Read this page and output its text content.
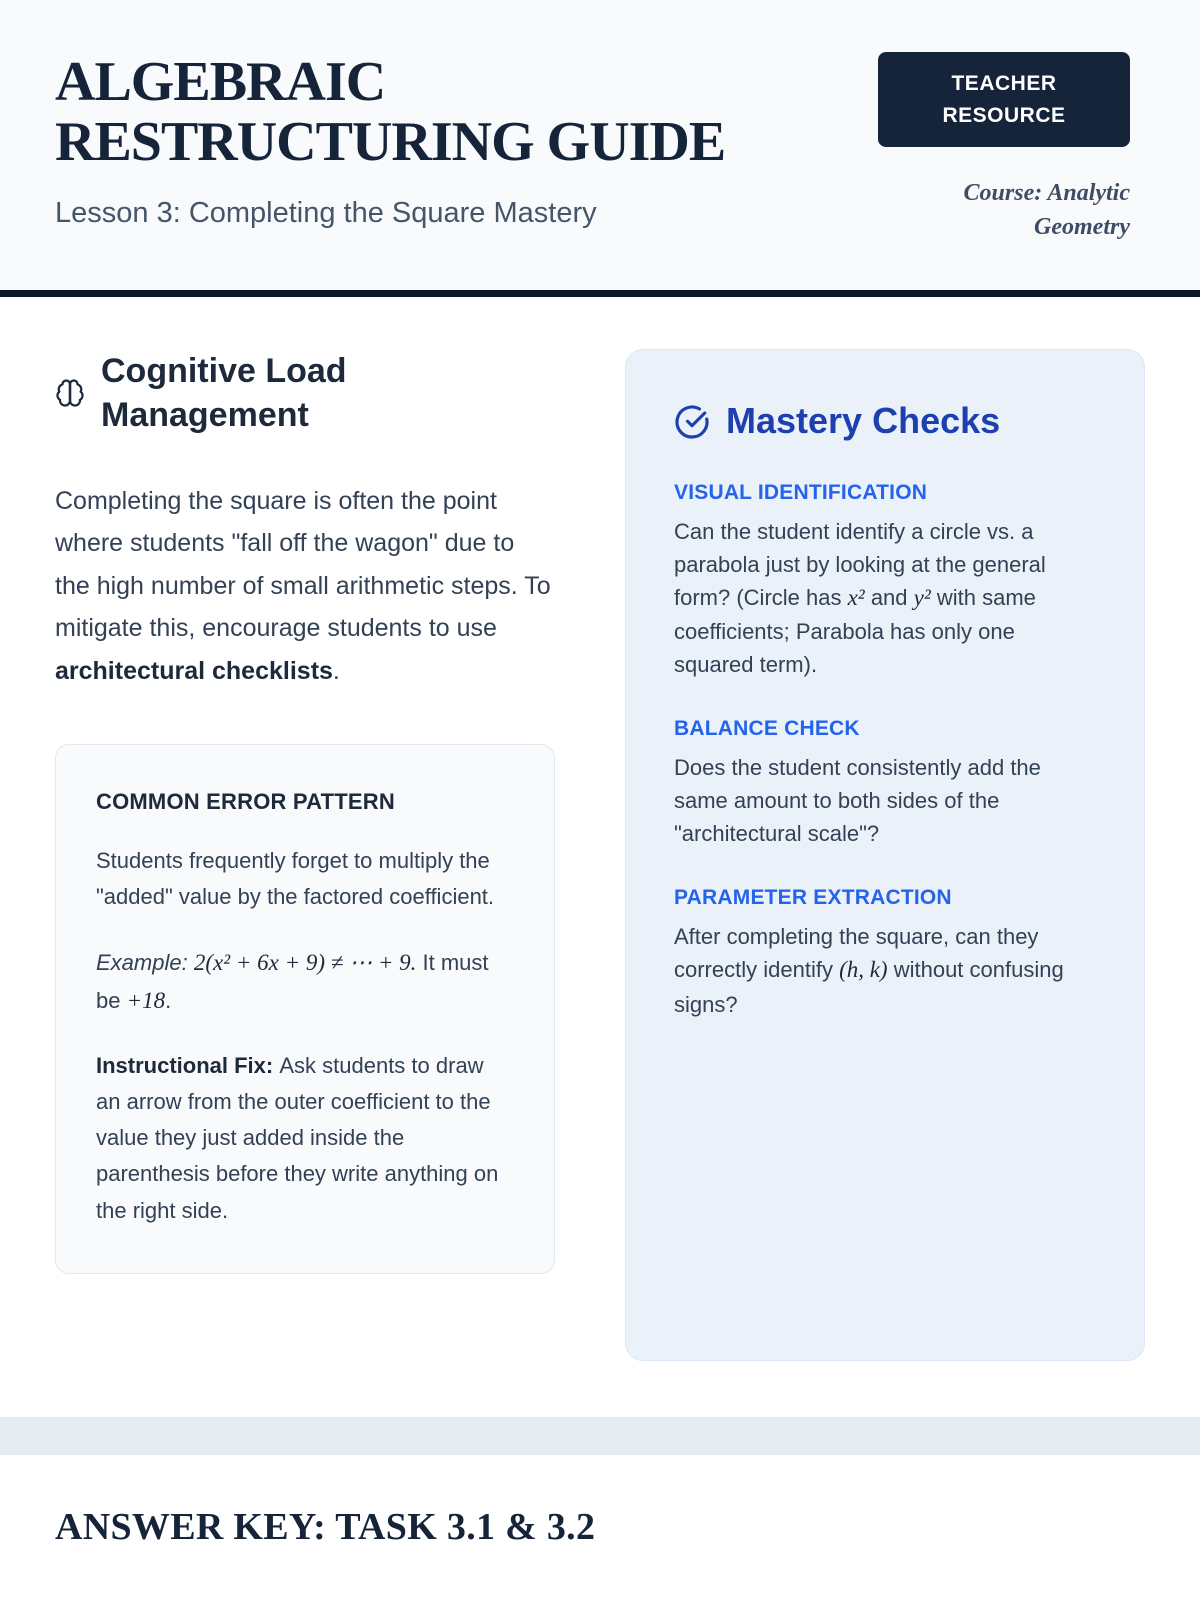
ALGEBRAIC RESTRUCTURING GUIDE
Lesson 3: Completing the Square Mastery
TEACHER RESOURCE
Course: Analytic Geometry
Cognitive Load Management

Completing the square is often the point where students "fall off the wagon" due to the high number of small arithmetic steps. To mitigate this, encourage students to use architectural checklists.

COMMON ERROR PATTERN

Students frequently forget to multiply the "added" value by the factored coefficient.

Example: 2(x² + 6x + 9) ≠ ⋯ + 9. It must be +18.

Instructional Fix: Ask students to draw an arrow from the outer coefficient to the value they just added inside the parenthesis before they write anything on the right side.

Mastery Checks
VISUAL IDENTIFICATION

Can the student identify a circle vs. a parabola just by looking at the general form? (Circle has x² and y² with same coefficients; Parabola has only one squared term).

BALANCE CHECK

Does the student consistently add the same amount to both sides of the "architectural scale"?

PARAMETER EXTRACTION

After completing the square, can they correctly identify (h, k) without confusing signs?

ANSWER KEY: TASK 3.1 & 3.2
